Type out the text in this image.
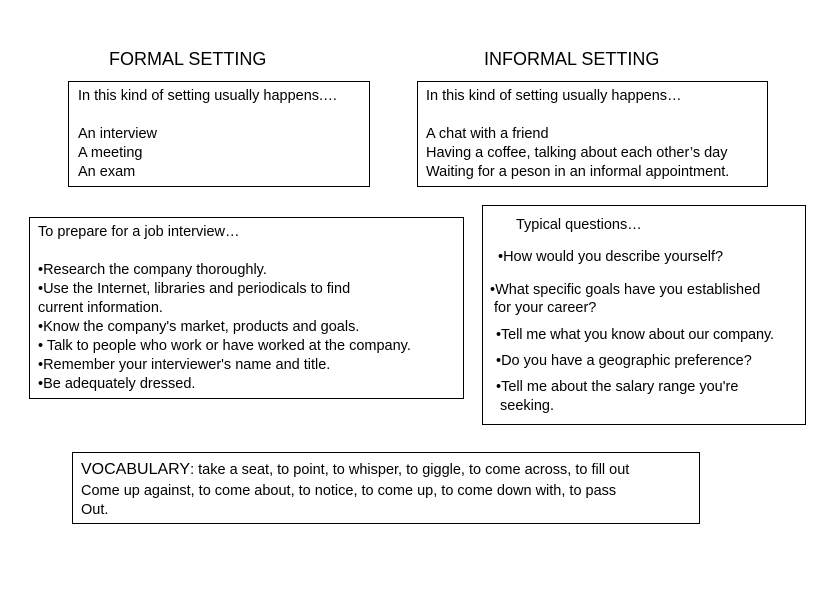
FORMAL SETTING	INFORMAL SETTING
In this kind of setting usually happens.…
An interview
A meeting
An exam
In this kind of setting usually happens…
A chat with a friend
Having a coffee, talking about each other’s day
Waiting for a peson in an informal appointment.
To prepare for a job interview…
•Research the company thoroughly.
•Use the Internet, libraries and periodicals to find
current information.
•Know the company's market, products and goals.
• Talk to people who work or have worked at the company.
•Remember your interviewer's name and title.
•Be adequately dressed.
Typical questions…
•How would you describe yourself?
•What specific goals have you established
for your career?
•Tell me what you know about our company.
•Do you have a geographic preference?
•Tell me about the salary range you're
seeking.
VOCABULARY: take a seat, to point, to whisper, to giggle, to come across, to fill out
Come up against, to come about, to notice, to come up, to come down with, to pass
Out.
